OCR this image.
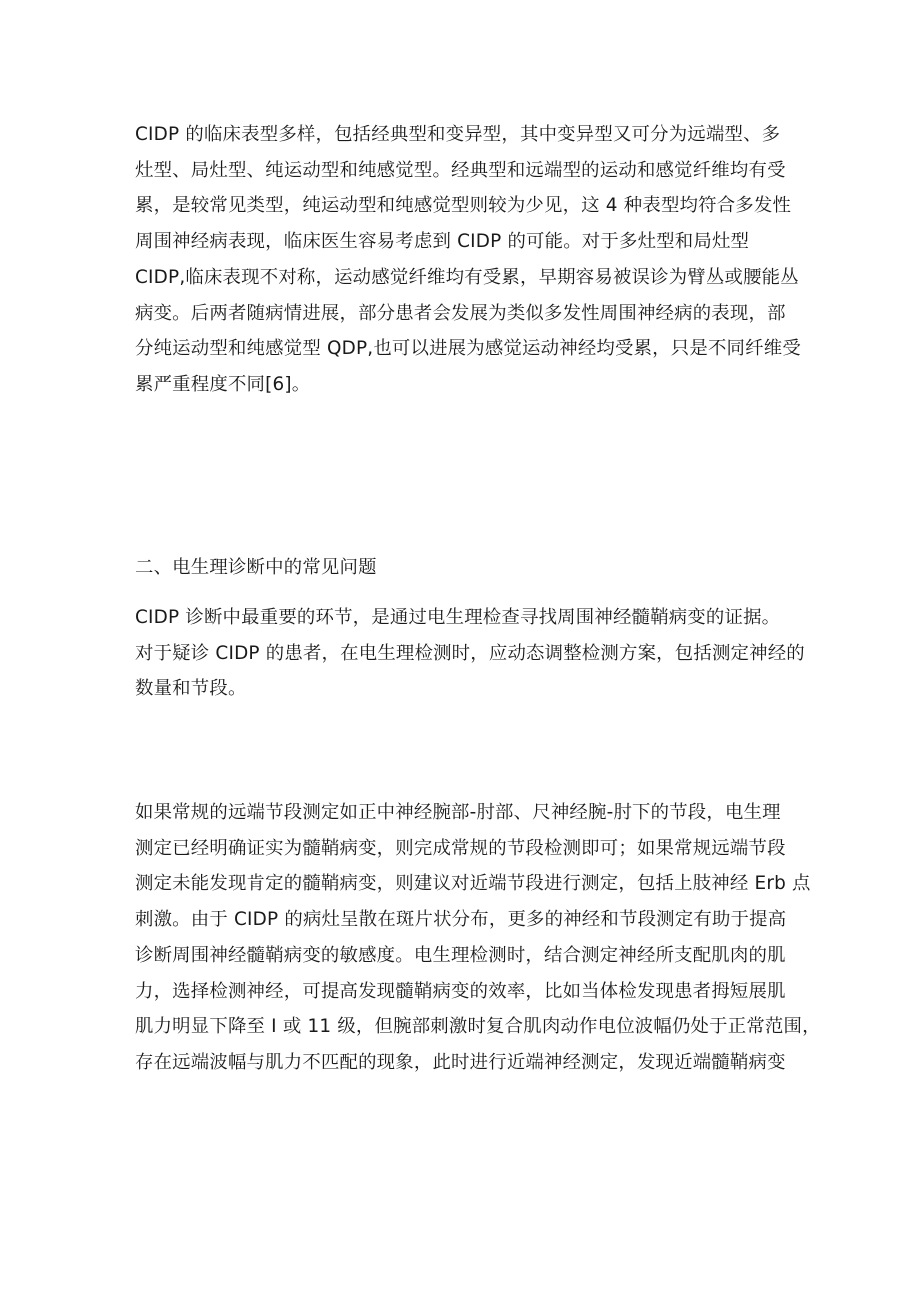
CIDP 的临床表型多样，包括经典型和变异型，其中变异型又可分为远端型、多
灶型、局灶型、纯运动型和纯感觉型。经典型和远端型的运动和感觉纤维均有受
累，是较常见类型，纯运动型和纯感觉型则较为少见，这 4 种表型均符合多发性
周围神经病表现，临床医生容易考虑到 CIDP 的可能。对于多灶型和局灶型
CIDP,临床表现不对称，运动感觉纤维均有受累，早期容易被误诊为臂丛或腰能丛
病变。后两者随病情进展，部分患者会发展为类似多发性周围神经病的表现，部
分纯运动型和纯感觉型 QDP,也可以进展为感觉运动神经均受累，只是不同纤维受
累严重程度不同[6]。
二、电生理诊断中的常见问题
CIDP 诊断中最重要的环节，是通过电生理检查寻找周围神经髓鞘病变的证据。
对于疑诊 CIDP 的患者，在电生理检测时，应动态调整检测方案，包括测定神经的
数量和节段。
如果常规的远端节段测定如正中神经腕部-肘部、尺神经腕-肘下的节段，电生理
测定已经明确证实为髓鞘病变，则完成常规的节段检测即可；如果常规远端节段
测定未能发现肯定的髓鞘病变，则建议对近端节段进行测定，包括上肢神经 Erb 点
刺激。由于 CIDP 的病灶呈散在斑片状分布，更多的神经和节段测定有助于提高
诊断周围神经髓鞘病变的敏感度。电生理检测时，结合测定神经所支配肌肉的肌
力，选择检测神经，可提高发现髓鞘病变的效率，比如当体检发现患者拇短展肌
肌力明显下降至 I 或 11 级，但腕部刺激时复合肌肉动作电位波幅仍处于正常范围，
存在远端波幅与肌力不匹配的现象，此时进行近端神经测定，发现近端髓鞘病变
